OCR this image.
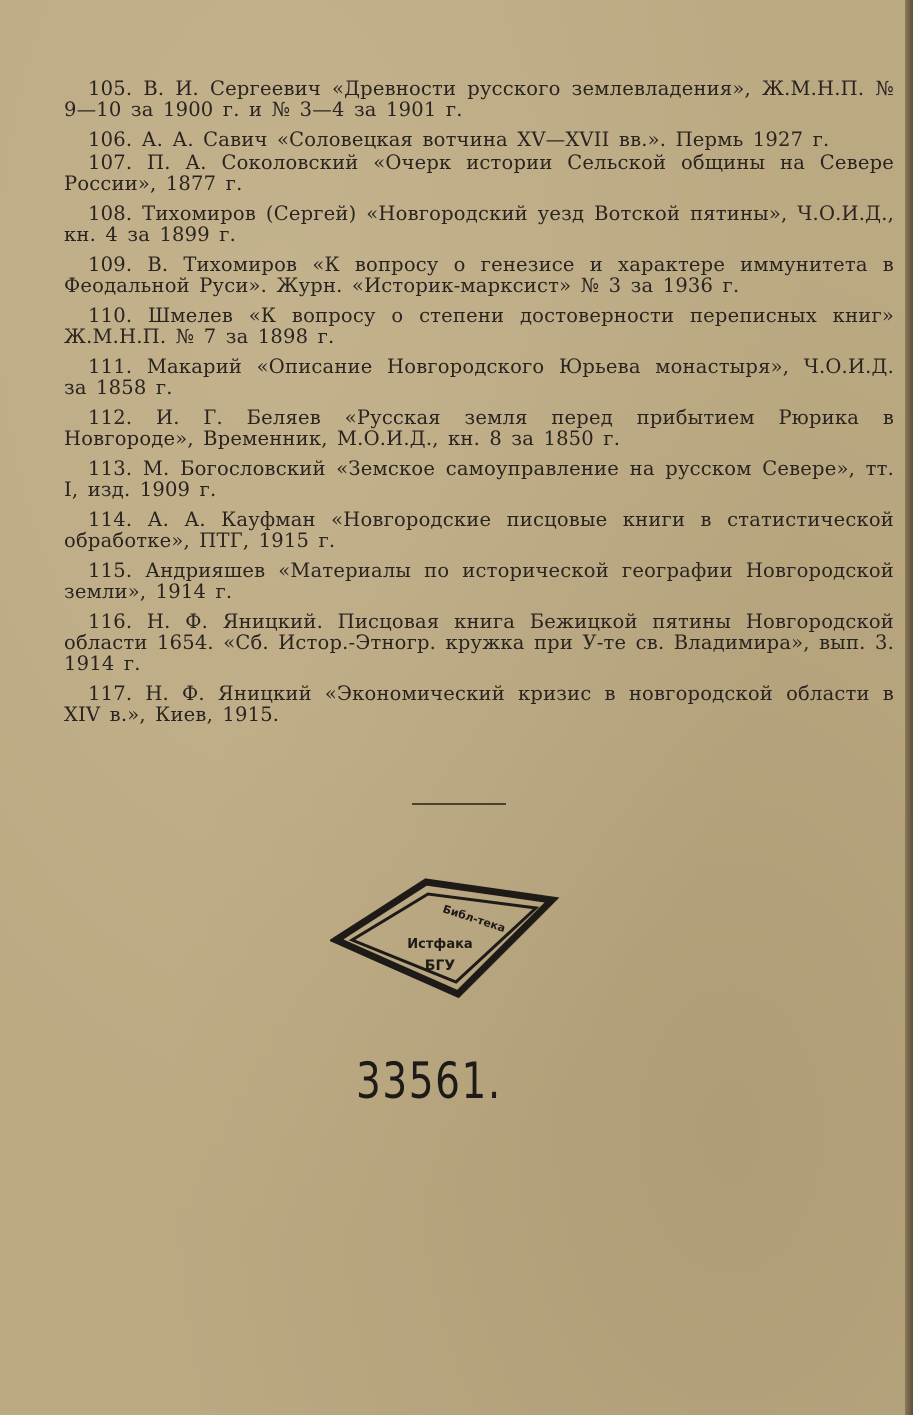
105. В. И. Сергеевич «Древности русского землевладения», Ж.М.Н.П. № 9—10 за 1900 г. и № 3—4 за 1901 г.
106. А. А. Савич «Соловецкая вотчина XV—XVII вв.». Пермь 1927 г.
107. П. А. Соколовский «Очерк истории Сельской общины на Севере России», 1877 г.
108. Тихомиров (Сергей) «Новгородский уезд Вотской пятины», Ч.О.И.Д., кн. 4 за 1899 г.
109. В. Тихомиров «К вопросу о генезисе и характере иммунитета в Феодальной Руси». Журн. «Историк-марксист» № 3 за 1936 г.
110. Шмелев «К вопросу о степени достоверности переписных книг» Ж.М.Н.П. № 7 за 1898 г.
111. Макарий «Описание Новгородского Юрьева монастыря», Ч.О.И.Д. за 1858 г.
112. И. Г. Беляев «Русская земля перед прибытием Рюрика в Новгороде», Временник, М.О.И.Д., кн. 8 за 1850 г.
113. М. Богословский «Земское самоуправление на русском Севере», тт. I, изд. 1909 г.
114. А. А. Кауфман «Новгородские писцовые книги в статистической обработке», ПТГ, 1915 г.
115. Андрияшев «Материалы по исторической географии Новгородской земли», 1914 г.
116. Н. Ф. Яницкий. Писцовая книга Бежицкой пятины Новгородской области 1654. «Сб. Истор.-Этногр. кружка при У-те св. Владимира», вып. 3. 1914 г.
117. Н. Ф. Яницкий «Экономический кризис в новгородской области в XIV в.», Киев, 1915.
Библ-тека
Истфака
БГУ
33561.
